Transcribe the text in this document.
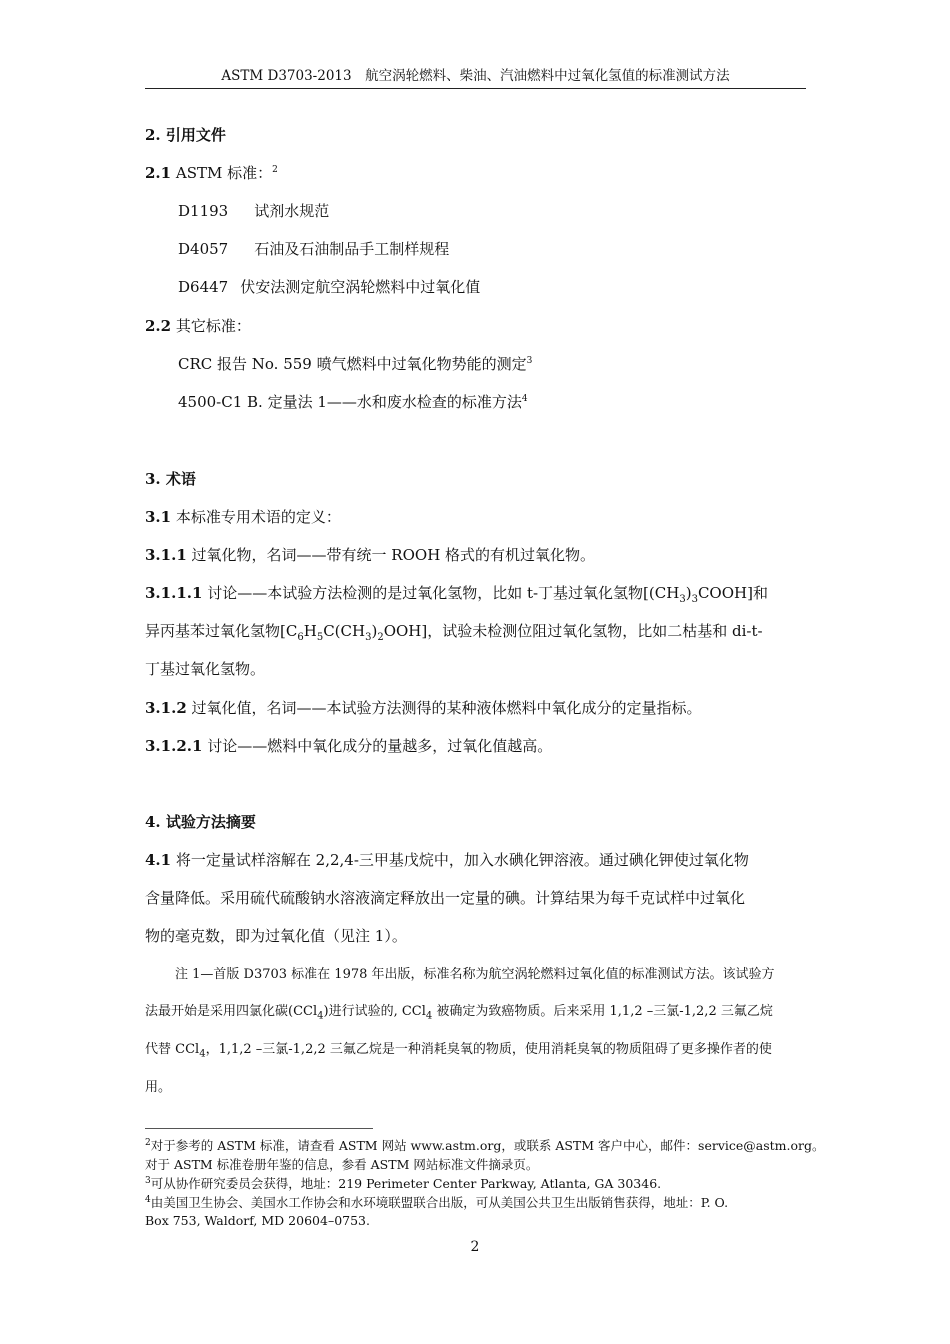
ASTM D3703-2013　航空涡轮燃料、柴油、汽油燃料中过氧化氢值的标准测试方法
2. 引用文件
2.1 ASTM 标准：$^2$
D1193 试剂水规范
D4057 石油及石油制品手工制样规程
D6447 伏安法测定航空涡轮燃料中过氧化值
2.2 其它标准：
CRC 报告 No. 559 喷气燃料中过氧化物势能的测定$^3$
4500-C1 B. 定量法 1——水和废水检查的标准方法$^4$
3. 术语
3.1 本标准专用术语的定义：
3.1.1 过氧化物，名词——带有统一 ROOH 格式的有机过氧化物。
3.1.1.1 讨论——本试验方法检测的是过氧化氢物，比如 t-丁基过氧化氢物$[(CH_3)_3COOH]$和
异丙基苯过氧化氢物$[C_6H_5C(CH_3)_2OOH]$，试验未检测位阻过氧化氢物，比如二枯基和 di-t-
丁基过氧化氢物。
3.1.2 过氧化值，名词——本试验方法测得的某种液体燃料中氧化成分的定量指标。
3.1.2.1 讨论——燃料中氧化成分的量越多，过氧化值越高。
4. 试验方法摘要
4.1 将一定量试样溶解在 2,2,4-三甲基戊烷中，加入水碘化钾溶液。通过碘化钾使过氧化物
含量降低。采用硫代硫酸钠水溶液滴定释放出一定量的碘。计算结果为每千克试样中过氧化
物的毫克数，即为过氧化值（见注 1）。
注 1—首版 D3703 标准在 1978 年出版，标准名称为航空涡轮燃料过氧化值的标准测试方法。该试验方
法最开始是采用四氯化碳(CCl$_4$)进行试验的, CCl$_4$ 被确定为致癌物质。后来采用 1,1,2 –三氯-1,2,2 三氟乙烷
代替 CCl$_4$，1,1,2 –三氯-1,2,2 三氟乙烷是一种消耗臭氧的物质，使用消耗臭氧的物质阻碍了更多操作者的使
用。
$^2$对于参考的 ASTM 标准，请查看 ASTM 网站 www.astm.org，或联系 ASTM 客户中心，邮件：service@astm.org。
对于 ASTM 标准卷册年鉴的信息，参看 ASTM 网站标准文件摘录页。
$^3$可从协作研究委员会获得，地址：219 Perimeter Center Parkway, Atlanta, GA 30346.
$^4$由美国卫生协会、美国水工作协会和水环境联盟联合出版，可从美国公共卫生出版销售获得，地址：P. O.
Box 753, Waldorf, MD 20604–0753.
2
